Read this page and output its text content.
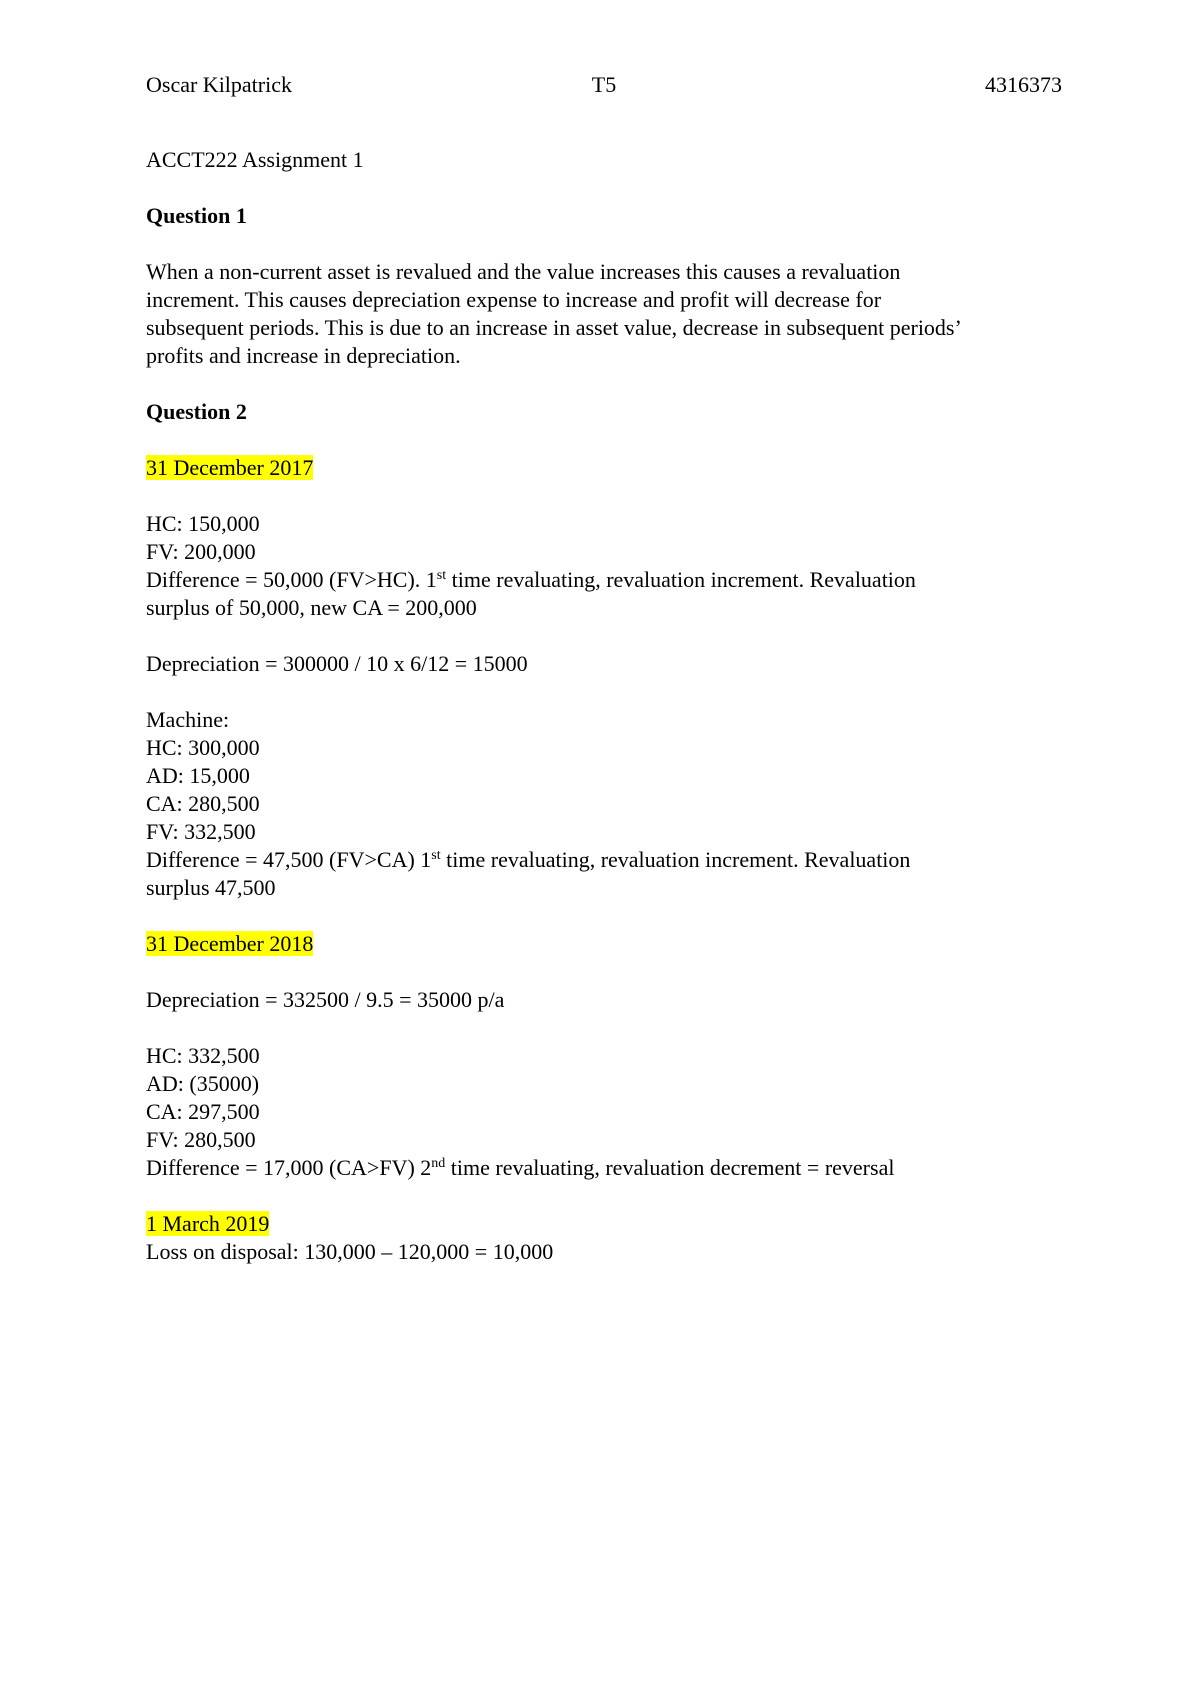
Oscar Kilpatrick	T5	4316373

ACCT222 Assignment 1

Question 1

When a non-current asset is revalued and the value increases this causes a revaluation
increment. This causes depreciation expense to increase and profit will decrease for
subsequent periods. This is due to an increase in asset value, decrease in subsequent periods’
profits and increase in depreciation.

Question 2

31 December 2017

HC: 150,000
FV: 200,000
Difference = 50,000 (FV>HC). 1st time revaluating, revaluation increment. Revaluation
surplus of 50,000, new CA = 200,000

Depreciation = 300000 / 10 x 6/12 = 15000

Machine:
HC: 300,000
AD: 15,000
CA: 280,500
FV: 332,500
Difference = 47,500 (FV>CA) 1st time revaluating, revaluation increment. Revaluation
surplus 47,500

31 December 2018

Depreciation = 332500 / 9.5 = 35000 p/a

HC: 332,500
AD: (35000)
CA: 297,500
FV: 280,500
Difference = 17,000 (CA>FV) 2nd time revaluating, revaluation decrement = reversal

1 March 2019
Loss on disposal: 130,000 – 120,000 = 10,000
